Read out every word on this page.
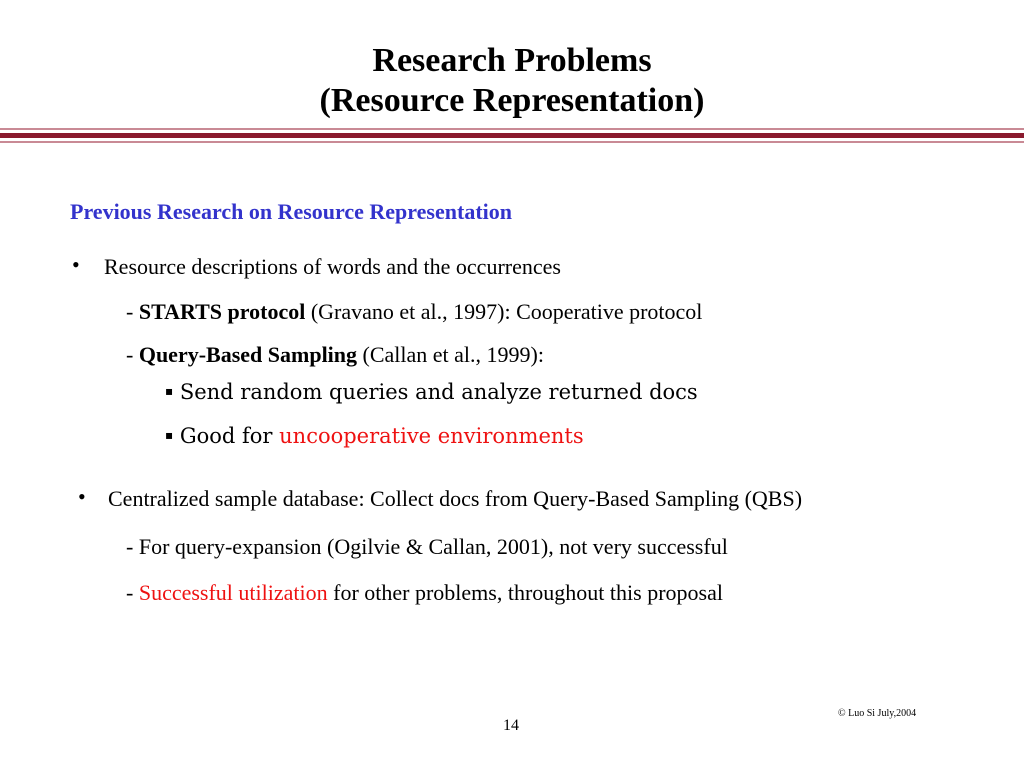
Research Problems
(Resource Representation)
Previous Research on Resource Representation
• Resource descriptions of words and the occurrences
- STARTS protocol (Gravano et al., 1997): Cooperative protocol
- Query-Based Sampling (Callan et al., 1999):
▪ Send random queries and analyze returned docs
▪ Good for uncooperative environments
• Centralized sample database: Collect docs from Query-Based Sampling (QBS)
- For query-expansion (Ogilvie & Callan, 2001), not very successful
- Successful utilization for other problems, throughout this proposal
© Luo Si July,2004
14
